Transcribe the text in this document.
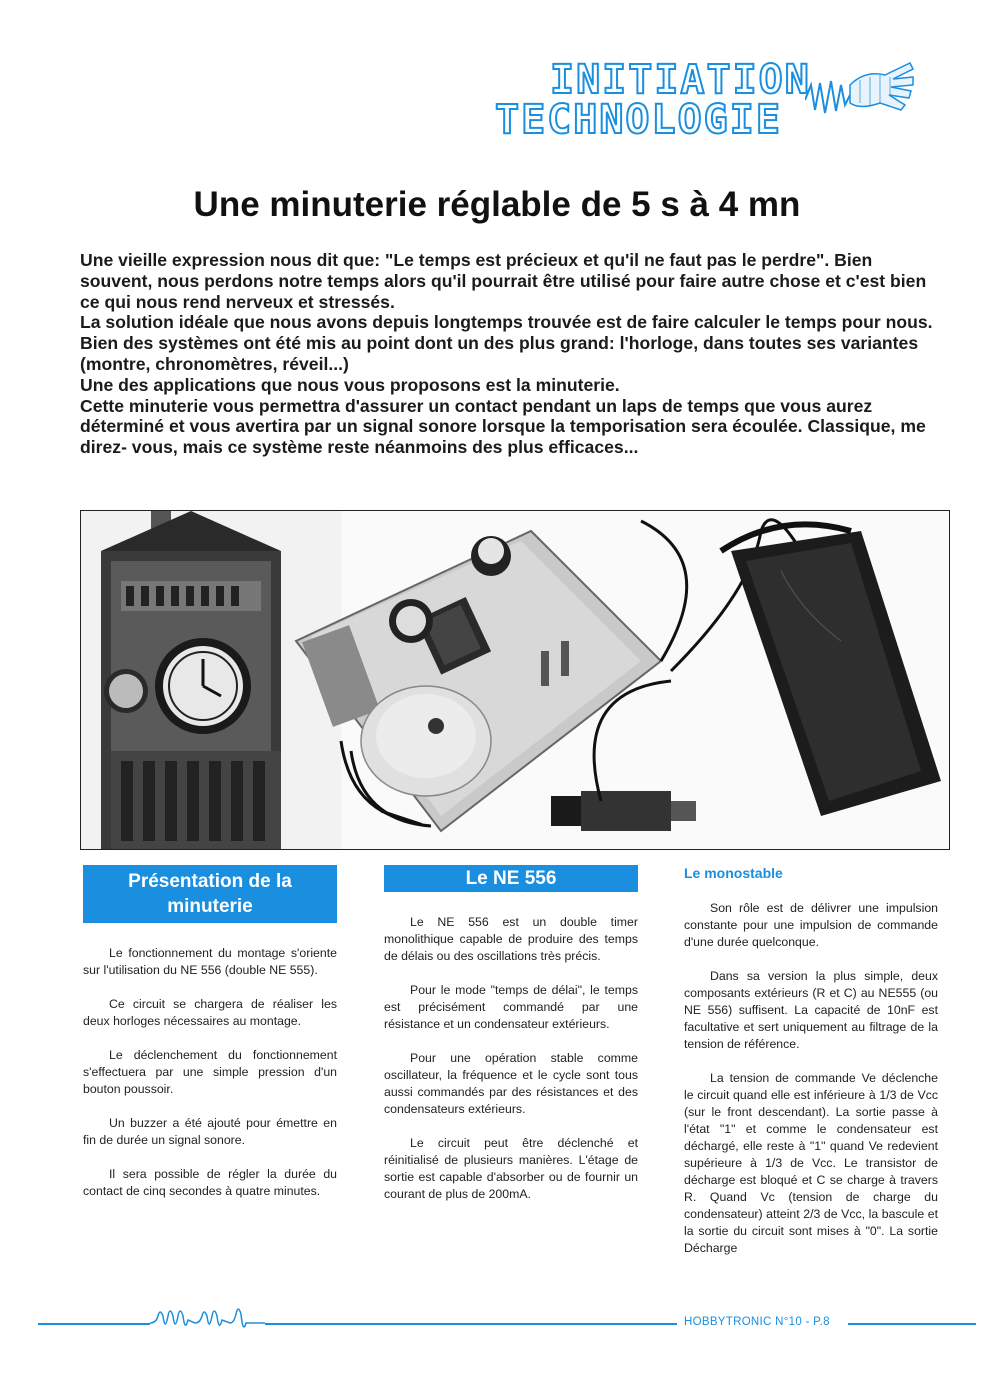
INITIATION
TECHNOLOGIE
Une minuterie réglable de 5 s à 4 mn

Une vieille expression nous dit que: "Le temps est précieux et qu'il ne faut pas le perdre". Bien souvent, nous perdons notre temps alors qu'il pourrait être utilisé pour faire autre chose et c'est bien ce qui nous rend nerveux et stressés.

La solution idéale que nous avons depuis longtemps trouvée est de faire calculer le temps pour nous. Bien des systèmes ont été mis au point dont un des plus grand: l'horloge, dans toutes ses variantes (montre, chronomètres, réveil...)

Une des applications que nous vous proposons est la minuterie.

Cette minuterie vous permettra d'assurer un contact pendant un laps de temps que vous aurez déterminé et vous avertira par un signal sonore lorsque la temporisation sera écoulée. Classique, me direz- vous, mais ce système reste néanmoins des plus efficaces...

Présentation de la minuterie

Le fonctionnement du montage s'oriente sur l'utilisation du NE 556 (double NE 555).

Ce circuit se chargera de réaliser les deux horloges nécessaires au montage.

Le déclenchement du fonctionnement s'effectuera par une simple pression d'un bouton poussoir.

Un buzzer a été ajouté pour émettre en fin de durée un signal sonore.

Il sera possible de régler la durée du contact de cinq secondes à quatre minutes.

Le NE 556

Le NE 556 est un double timer monolithique capable de produire des temps de délais ou des oscillations très précis.

Pour le mode "temps de délai", le temps est précisément commandé par une résistance et un condensateur extérieurs.

Pour une opération stable comme oscillateur, la fréquence et le cycle sont tous aussi commandés par des résistances et des condensateurs extérieurs.

Le circuit peut être déclenché et réinitialisé de plusieurs manières. L'étage de sortie est capable d'absorber ou de fournir un courant de plus de 200mA.

Le monostable

Son rôle est de délivrer une impulsion constante pour une impulsion de commande d'une durée quelconque.

Dans sa version la plus simple, deux composants extérieurs (R et C) au NE555 (ou NE 556) suffisent. La capacité de 10nF est facultative et sert uniquement au filtrage de la tension de référence.

La tension de commande Ve déclenche le circuit quand elle est inférieure à 1/3 de Vcc (sur le front descendant). La sortie passe à l'état "1" et comme le condensateur est déchargé, elle reste à "1" quand Ve redevient supérieure à 1/3 de Vcc. Le transistor de décharge est bloqué et C se charge à travers R. Quand Vc (tension de charge du condensateur) atteint 2/3 de Vcc, la bascule et la sortie du circuit sont mises à "0". La sortie Décharge

HOBBYTRONIC N°10 - P.8
